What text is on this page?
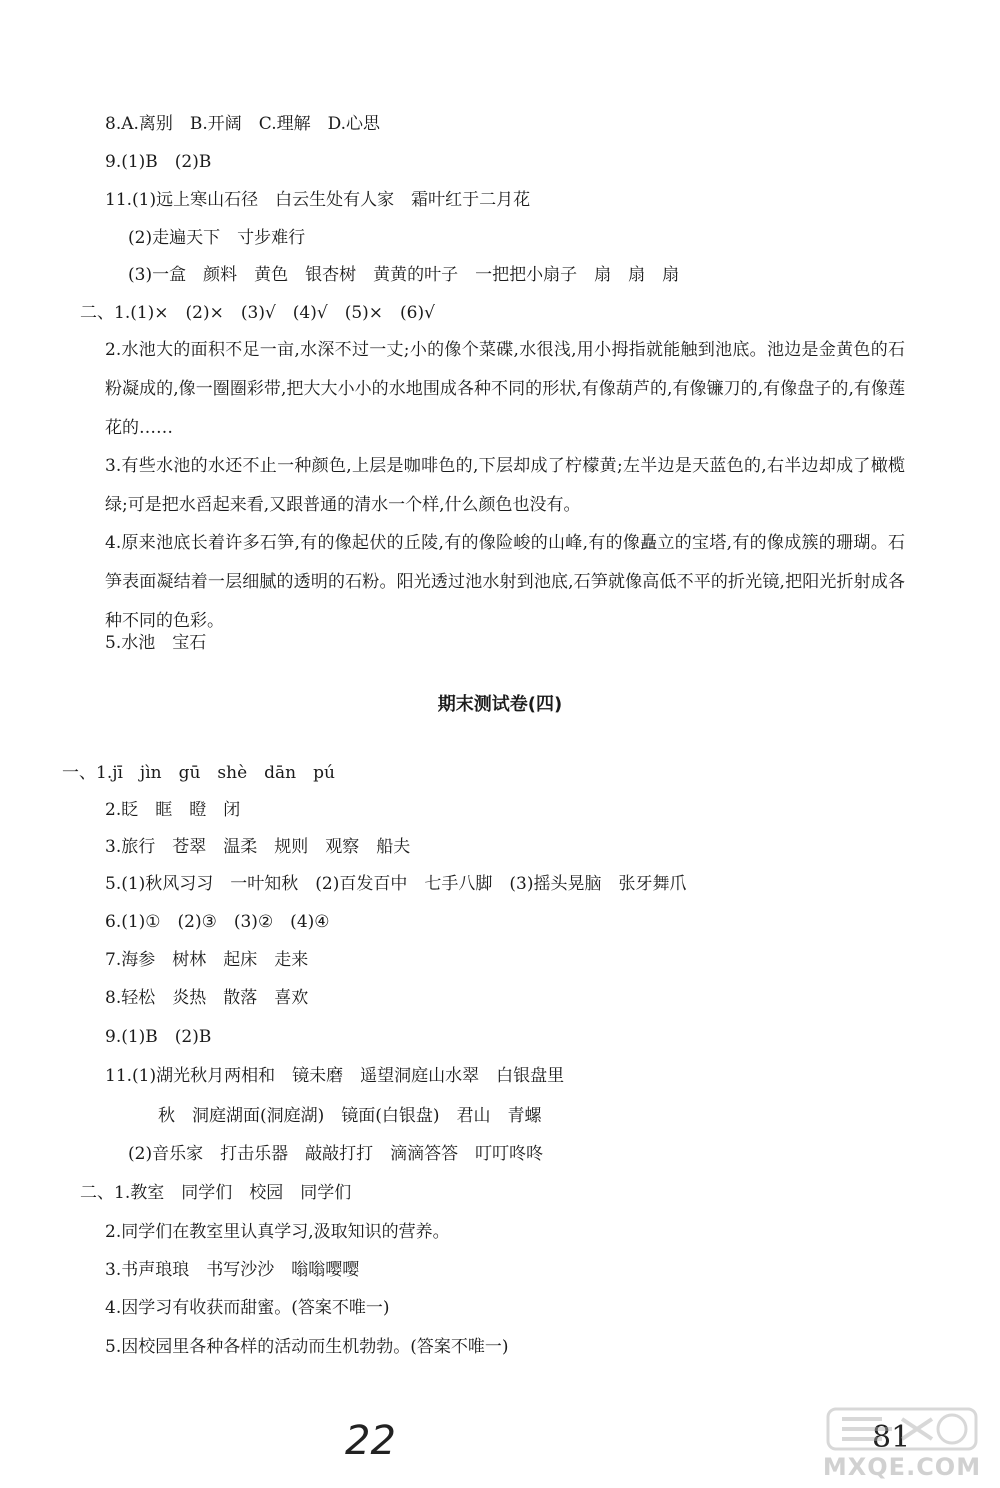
8.A.离别　B.开阔　C.理解　D.心思
9.(1)B　(2)B
11.(1)远上寒山石径　白云生处有人家　霜叶红于二月花
(2)走遍天下　寸步难行
(3)一盒　颜料　黄色　银杏树　黄黄的叶子　一把把小扇子　扇　扇　扇
二、1.(1)×　(2)×　(3)√　(4)√　(5)×　(6)√
2.水池大的面积不足一亩,水深不过一丈;小的像个菜碟,水很浅,用小拇指就能触到池底。池边是金黄色的石粉凝成的,像一圈圈彩带,把大大小小的水地围成各种不同的形状,有像葫芦的,有像镰刀的,有像盘子的,有像莲花的……
3.有些水池的水还不止一种颜色,上层是咖啡色的,下层却成了柠檬黄;左半边是天蓝色的,右半边却成了橄榄绿;可是把水舀起来看,又跟普通的清水一个样,什么颜色也没有。
4.原来池底长着许多石笋,有的像起伏的丘陵,有的像险峻的山峰,有的像矗立的宝塔,有的像成簇的珊瑚。石笋表面凝结着一层细腻的透明的石粉。阳光透过池水射到池底,石笋就像高低不平的折光镜,把阳光折射成各种不同的色彩。
5.水池　宝石
期末测试卷(四)
一、1.jī　jìn　gū　shè　dān　pú
2.眨　眶　瞪　闭
3.旅行　苍翠　温柔　规则　观察　船夫
5.(1)秋风习习　一叶知秋　(2)百发百中　七手八脚　(3)摇头晃脑　张牙舞爪
6.(1)①　(2)③　(3)②　(4)④
7.海参　树林　起床　走来
8.轻松　炎热　散落　喜欢
9.(1)B　(2)B
11.(1)湖光秋月两相和　镜未磨　遥望洞庭山水翠　白银盘里
秋　洞庭湖面(洞庭湖)　镜面(白银盘)　君山　青螺
(2)音乐家　打击乐器　敲敲打打　滴滴答答　叮叮咚咚
二、1.教室　同学们　校园　同学们
2.同学们在教室里认真学习,汲取知识的营养。
3.书声琅琅　书写沙沙　嗡嗡嘤嘤
4.因学习有收获而甜蜜。(答案不唯一)
5.因校园里各种各样的活动而生机勃勃。(答案不唯一)
22	81
MXQE.COM
